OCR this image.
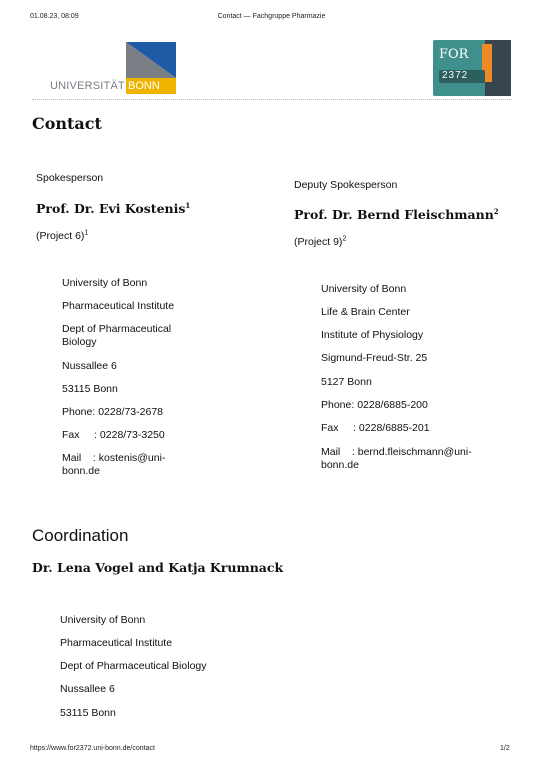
01.08.23, 08:09	Contact — Fachgruppe Pharmazie
UNIVERSITÄT BONN
FOR
2372
Contact
Spokesperson
Prof. Dr. Evi Kostenis$^1$
(Project 6)$^1$
University of Bonn
Pharmaceutical Institute
Dept of Pharmaceutical
Biology
Nussallee 6
53115 Bonn
Phone: 0228/73-2678
Fax     : 0228/73-3250
Mail    : kostenis@uni-
bonn.de
Deputy Spokesperson
Prof. Dr. Bernd Fleischmann$^2$
(Project 9)$^2$
University of Bonn
Life & Brain Center
Institute of Physiology
Sigmund-Freud-Str. 25
5127 Bonn
Phone: 0228/6885-200
Fax     : 0228/6885-201
Mail    : bernd.fleischmann@uni-
bonn.de
Coordination
Dr. Lena Vogel and Katja Krumnack
University of Bonn
Pharmaceutical Institute
Dept of Pharmaceutical Biology
Nussallee 6
53115 Bonn
https://www.for2372.uni-bonn.de/contact	1/2
